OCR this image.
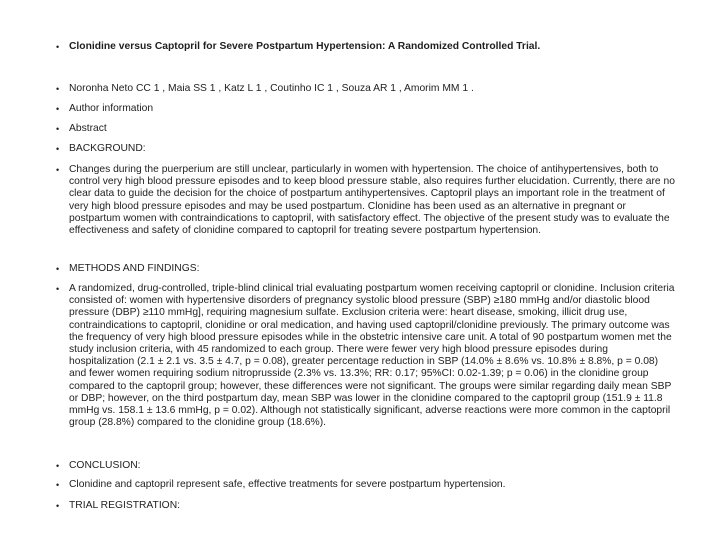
• Clonidine versus Captopril for Severe Postpartum Hypertension: A Randomized Controlled Trial.
• Noronha Neto CC 1 , Maia SS 1 , Katz L 1 , Coutinho IC 1 , Souza AR 1 , Amorim MM 1 .
• Author information
• Abstract
• BACKGROUND:
• Changes during the puerperium are still unclear, particularly in women with hypertension. The choice of antihypertensives, both to control very high blood pressure episodes and to keep blood pressure stable, also requires further elucidation. Currently, there are no clear data to guide the decision for the choice of postpartum antihypertensives. Captopril plays an important role in the treatment of very high blood pressure episodes and may be used postpartum. Clonidine has been used as an alternative in pregnant or postpartum women with contraindications to captopril, with satisfactory effect. The objective of the present study was to evaluate the effectiveness and safety of clonidine compared to captopril for treating severe postpartum hypertension.
• METHODS AND FINDINGS:
• A randomized, drug-controlled, triple-blind clinical trial evaluating postpartum women receiving captopril or clonidine. Inclusion criteria consisted of: women with hypertensive disorders of pregnancy systolic blood pressure (SBP) ≥180 mmHg and/or diastolic blood pressure (DBP) ≥110 mmHg], requiring magnesium sulfate. Exclusion criteria were: heart disease, smoking, illicit drug use, contraindications to captopril, clonidine or oral medication, and having used captopril/clonidine previously. The primary outcome was the frequency of very high blood pressure episodes while in the obstetric intensive care unit. A total of 90 postpartum women met the study inclusion criteria, with 45 randomized to each group. There were fewer very high blood pressure episodes during hospitalization (2.1 ± 2.1 vs. 3.5 ± 4.7, p = 0.08), greater percentage reduction in SBP (14.0% ± 8.6% vs. 10.8% ± 8.8%, p = 0.08) and fewer women requiring sodium nitroprusside (2.3% vs. 13.3%; RR: 0.17; 95%CI: 0.02-1.39; p = 0.06) in the clonidine group compared to the captopril group; however, these differences were not significant. The groups were similar regarding daily mean SBP or DBP; however, on the third postpartum day, mean SBP was lower in the clonidine compared to the captopril group (151.9 ± 11.8 mmHg vs. 158.1 ± 13.6 mmHg, p = 0.02). Although not statistically significant, adverse reactions were more common in the captopril group (28.8%) compared to the clonidine group (18.6%).
• CONCLUSION:
• Clonidine and captopril represent safe, effective treatments for severe postpartum hypertension.
• TRIAL REGISTRATION:
